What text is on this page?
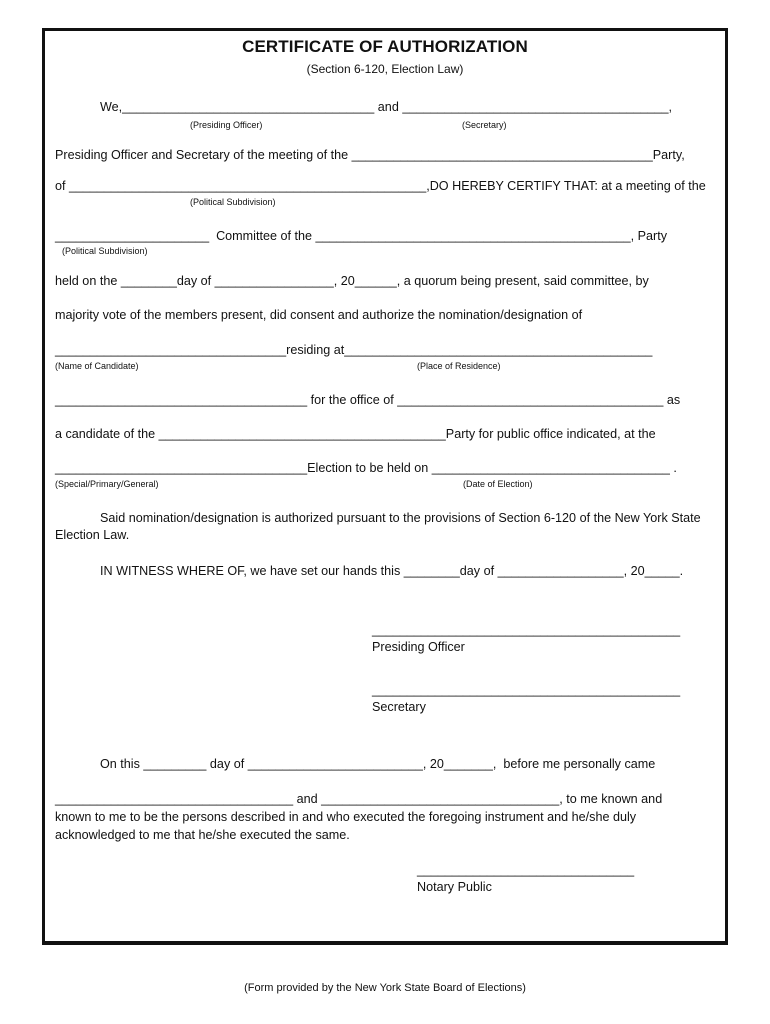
CERTIFICATE OF AUTHORIZATION
(Section 6-120, Election Law)
We,____________________________________ and ______________________________________,
(Presiding Officer)	(Secretary)
Presiding Officer and Secretary of the meeting of the ___________________________________________Party,
of ___________________________________________________,DO HEREBY CERTIFY THAT: at a meeting of the
(Political Subdivision)
______________________  Committee of the _____________________________________________, Party
(Political Subdivision)
held on the ________day of _________________, 20______, a quorum being present, said committee, by
majority vote of the members present, did consent and authorize the nomination/designation of
_________________________________residing at____________________________________________
(Name of Candidate)	(Place of Residence)
____________________________________ for the office of ______________________________________ as
a candidate of the _________________________________________Party for public office indicated, at the
____________________________________Election to be held on __________________________________ .
(Special/Primary/General)	(Date of Election)
Said nomination/designation is authorized pursuant to the provisions of Section 6-120 of the New York State Election Law.
IN WITNESS WHERE OF, we have set our hands this ________day of __________________, 20_____.
____________________________________________
Presiding Officer
____________________________________________
Secretary
On this _________ day of _________________________, 20_______,  before me personally came
__________________________________ and __________________________________, to me known and
known to me to be the persons described in and who executed the foregoing instrument and he/she duly
acknowledged to me that he/she executed the same.
_______________________________
Notary Public
(Form provided by the New York State Board of Elections)
